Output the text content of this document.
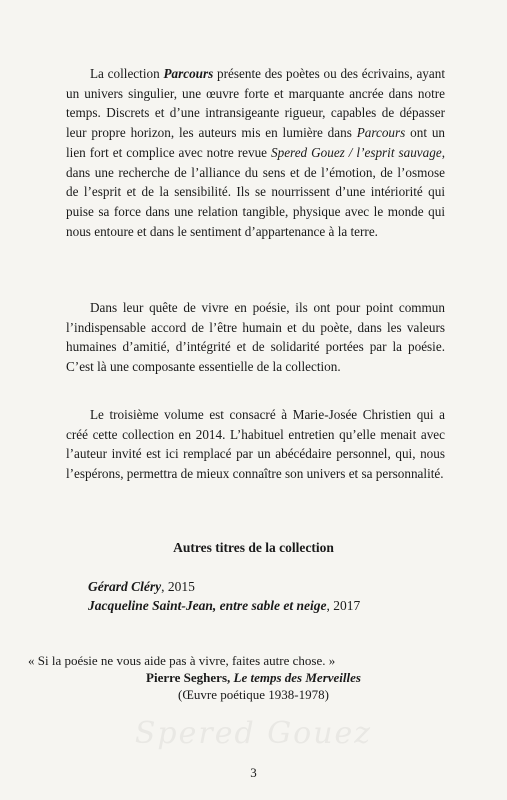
La collection Parcours présente des poètes ou des écrivains, ayant un univers singulier, une œuvre forte et marquante ancrée dans notre temps. Discrets et d’une intransigeante rigueur, capables de dépasser leur propre horizon, les auteurs mis en lumière dans Parcours ont un lien fort et complice avec notre revue Spered Gouez / l’esprit sauvage, dans une recherche de l’alliance du sens et de l’émotion, de l’osmose de l’esprit et de la sensibilité. Ils se nourrissent d’une intériorité qui puise sa force dans une relation tangible, physique avec le monde qui nous entoure et dans le sentiment d’appartenance à la terre.

Dans leur quête de vivre en poésie, ils ont pour point commun l’indispensable accord de l’être humain et du poète, dans les valeurs humaines d’amitié, d’intégrité et de solidarité portées par la poésie. C’est là une composante essentielle de la collection.

Le troisième volume est consacré à Marie-Josée Christien qui a créé cette collection en 2014. L’habituel entretien qu’elle menait avec l’auteur invité est ici remplacé par un abécédaire personnel, qui, nous l’espérons, permettra de mieux connaître son univers et sa personnalité.

Autres titres de la collection
Gérard Cléry, 2015
Jacqueline Saint-Jean, entre sable et neige, 2017
« Si la poésie ne vous aide pas à vivre, faites autre chose. »
Pierre Seghers, Le temps des Merveilles
(Œuvre poétique 1938-1978)
Spered Gouez
3
